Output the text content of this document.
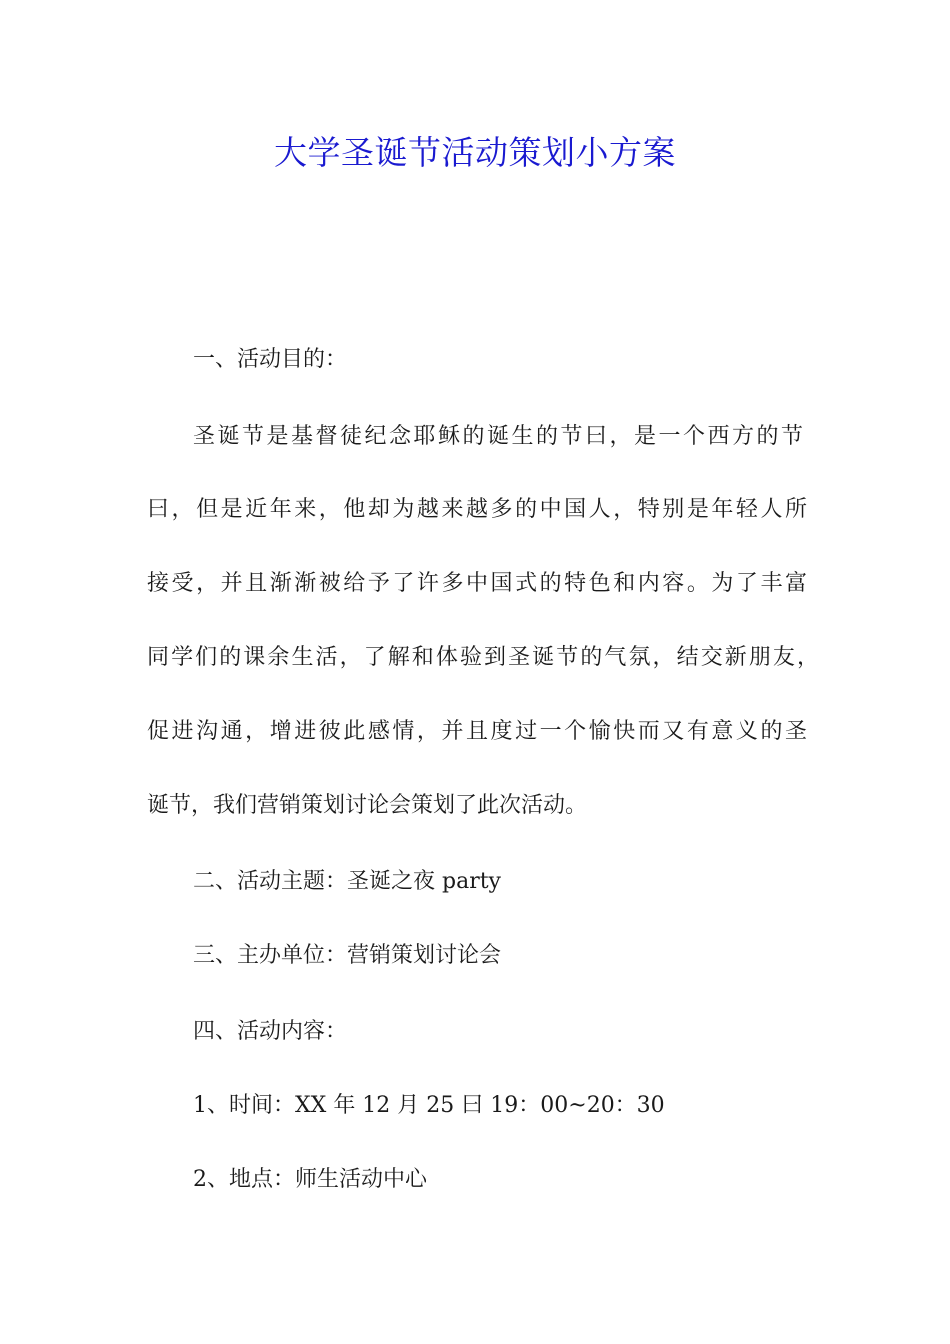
大学圣诞节活动策划小方案

一、活动目的：

圣诞节是基督徒纪念耶稣的诞生的节曰，是一个西方的节

曰，但是近年来，他却为越来越多的中国人，特别是年轻人所

接受，并且渐渐被给予了许多中国式的特色和内容。为了丰富

同学们的课余生活，了解和体验到圣诞节的气氛，结交新朋友，

促进沟通，增进彼此感情，并且度过一个愉快而又有意义的圣

诞节，我们营销策划讨论会策划了此次活动。

二、活动主题：圣诞之夜 party

三、主办单位：营销策划讨论会

四、活动内容：

1、时间：XX 年 12 月 25 曰 19：00~20：30

2、地点：师生活动中心
